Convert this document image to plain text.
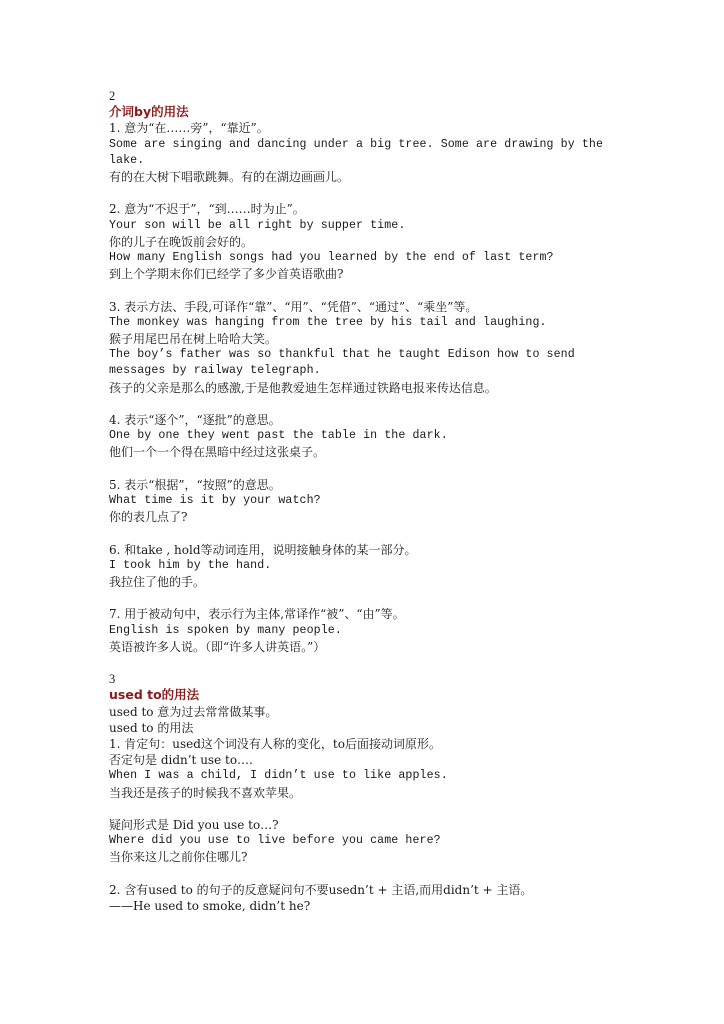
2
介词by的用法
1. 意为“在……旁”，“靠近”。
Some are singing and dancing under a big tree. Some are drawing by the lake.
有的在大树下唱歌跳舞。有的在湖边画画儿。
2. 意为“不迟于”，“到……时为止”。
Your son will be all right by supper time.
你的儿子在晚饭前会好的。
How many English songs had you learned by the end of last term?
到上个学期末你们已经学了多少首英语歌曲?
3. 表示方法、手段,可译作“靠”、“用”、“凭借”、“通过”、“乘坐”等。
The monkey was hanging from the tree by his tail and laughing.
猴子用尾巴吊在树上哈哈大笑。
The boy’s father was so thankful that he taught Edison how to send messages by railway telegraph.
孩子的父亲是那么的感激,于是他教爱迪生怎样通过铁路电报来传达信息。
4. 表示“逐个”，“逐批”的意思。
One by one they went past the table in the dark.
他们一个一个得在黑暗中经过这张桌子。
5. 表示“根据”，“按照”的意思。
What time is it by your watch?
你的表几点了?
6. 和take , hold等动词连用，说明接触身体的某一部分。
I took him by the hand.
我拉住了他的手。
7. 用于被动句中，表示行为主体,常译作“被”、“由”等。
English is spoken by many people.
英语被许多人说。（即“许多人讲英语。”）
3
used to的用法
used to 意为过去常常做某事。
used to 的用法
1. 肯定句：used这个词没有人称的变化，to后面接动词原形。
否定句是 didn’t use to….
When I was a child, I didn’t use to like apples.
当我还是孩子的时候我不喜欢苹果。
疑问形式是 Did you use to…?
Where did you use to live before you came here?
当你来这儿之前你住哪儿?
2. 含有used to 的句子的反意疑问句不要usedn’t + 主语,而用didn’t + 主语。
——He used to smoke, didn’t he?
